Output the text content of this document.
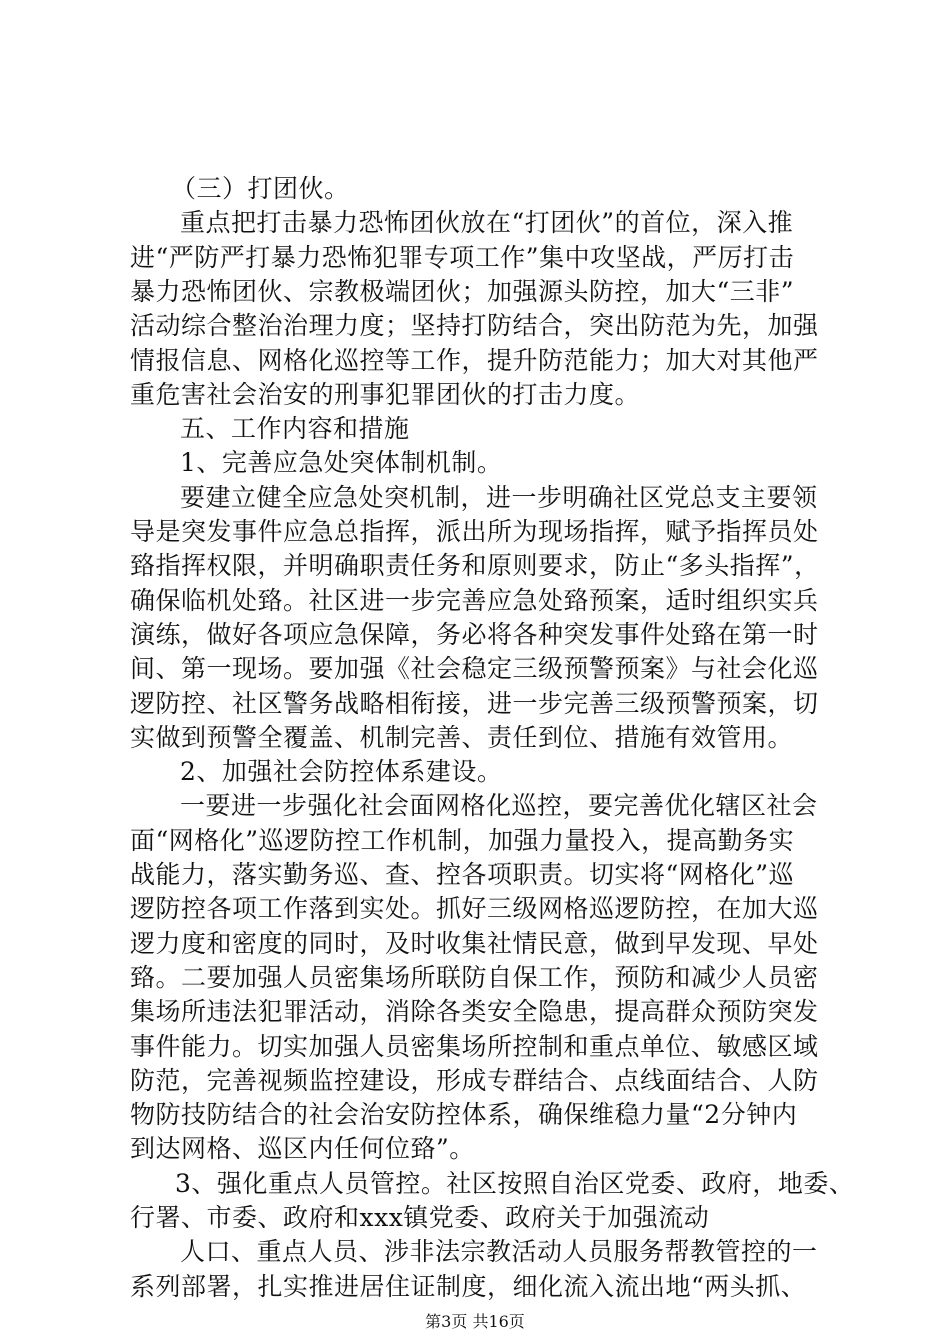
（三）打团伙。
重点把打击暴力恐怖团伙放在“打团伙”的首位，深入推
进“严防严打暴力恐怖犯罪专项工作”集中攻坚战，严厉打击
暴力恐怖团伙、宗教极端团伙；加强源头防控，加大“三非”
活动综合整治治理力度；坚持打防结合，突出防范为先，加强
情报信息、网格化巡控等工作，提升防范能力；加大对其他严
重危害社会治安的刑事犯罪团伙的打击力度。
五、工作内容和措施
1、完善应急处突体制机制。
要建立健全应急处突机制，进一步明确社区党总支主要领
导是突发事件应急总指挥，派出所为现场指挥，赋予指挥员处
臵指挥权限，并明确职责任务和原则要求，防止“多头指挥”，
确保临机处臵。社区进一步完善应急处臵预案，适时组织实兵
演练，做好各项应急保障，务必将各种突发事件处臵在第一时
间、第一现场。要加强《社会稳定三级预警预案》与社会化巡
逻防控、社区警务战略相衔接，进一步完善三级预警预案，切
实做到预警全覆盖、机制完善、责任到位、措施有效管用。
2、加强社会防控体系建设。
一要进一步强化社会面网格化巡控，要完善优化辖区社会
面“网格化”巡逻防控工作机制，加强力量投入，提高勤务实
战能力，落实勤务巡、查、控各项职责。切实将“网格化”巡
逻防控各项工作落到实处。抓好三级网格巡逻防控，在加大巡
逻力度和密度的同时，及时收集社情民意，做到早发现、早处
臵。二要加强人员密集场所联防自保工作，预防和减少人员密
集场所违法犯罪活动，消除各类安全隐患，提高群众预防突发
事件能力。切实加强人员密集场所控制和重点单位、敏感区域
防范，完善视频监控建设，形成专群结合、点线面结合、人防
物防技防结合的社会治安防控体系，确保维稳力量“2分钟内
到达网格、巡区内任何位臵”。
3、强化重点人员管控。社区按照自治区党委、政府，地委、
行署、市委、政府和xxx镇党委、政府关于加强流动
人口、重点人员、涉非法宗教活动人员服务帮教管控的一
系列部署，扎实推进居住证制度，细化流入流出地“两头抓、
第3页 共16页
